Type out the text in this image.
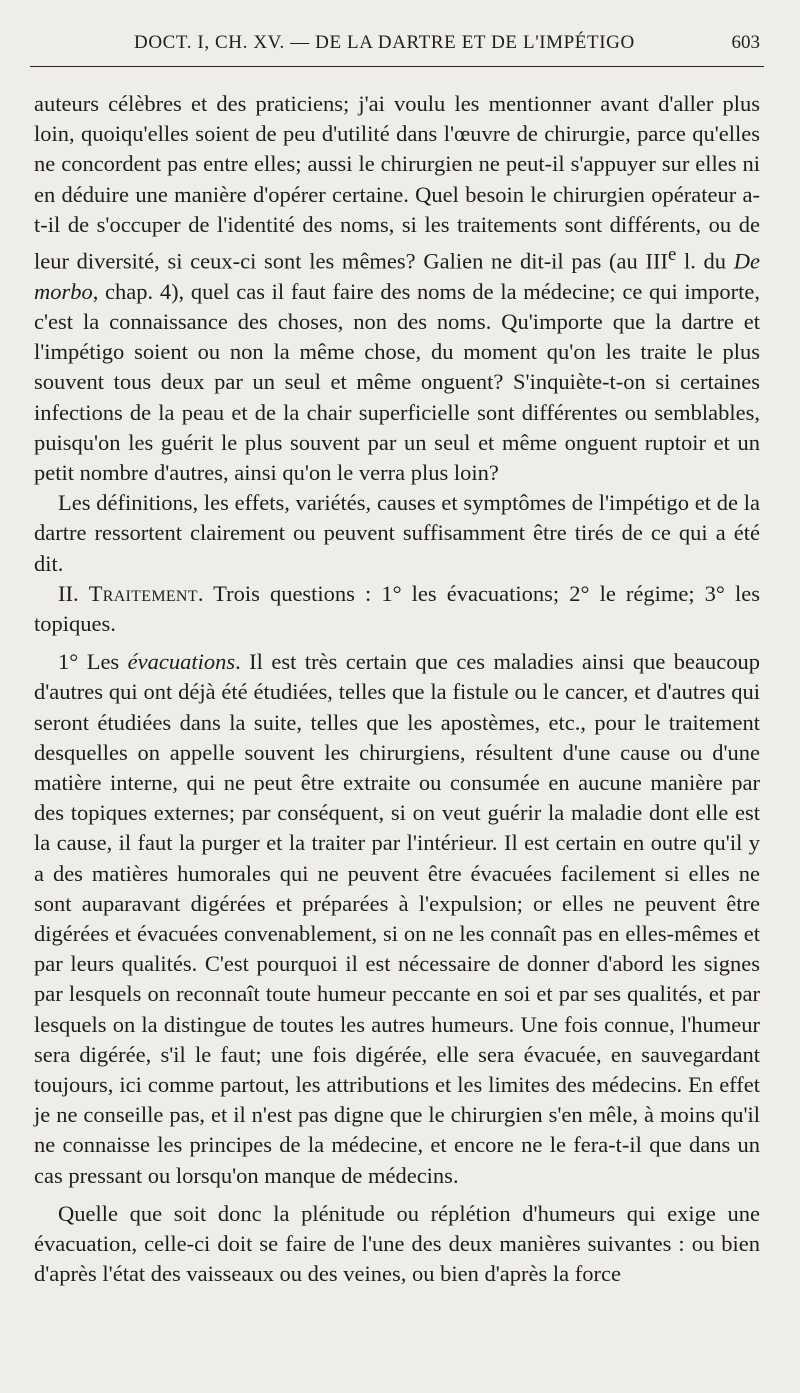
DOCT. I, CH. XV. — DE LA DARTRE ET DE L'IMPÉTIGO	603

auteurs célèbres et des praticiens; j'ai voulu les mentionner avant d'aller plus loin, quoiqu'elles soient de peu d'utilité dans l'œuvre de chirurgie, parce qu'elles ne concordent pas entre elles; aussi le chirurgien ne peut-il s'appuyer sur elles ni en déduire une manière d'opérer certaine. Quel besoin le chirurgien opérateur a-t-il de s'occuper de l'identité des noms, si les traitements sont différents, ou de leur diversité, si ceux-ci sont les mêmes? Galien ne dit-il pas (au IIIe l. du De morbo, chap. 4), quel cas il faut faire des noms de la médecine; ce qui importe, c'est la connaissance des choses, non des noms. Qu'importe que la dartre et l'impétigo soient ou non la même chose, du moment qu'on les traite le plus souvent tous deux par un seul et même onguent? S'inquiète-t-on si certaines infections de la peau et de la chair superficielle sont différentes ou semblables, puisqu'on les guérit le plus souvent par un seul et même onguent ruptoir et un petit nombre d'autres, ainsi qu'on le verra plus loin?

Les définitions, les effets, variétés, causes et symptômes de l'impétigo et de la dartre ressortent clairement ou peuvent suffisamment être tirés de ce qui a été dit.

II. Traitement. Trois questions : 1° les évacuations; 2° le régime; 3° les topiques.

1° Les évacuations. Il est très certain que ces maladies ainsi que beaucoup d'autres qui ont déjà été étudiées, telles que la fistule ou le cancer, et d'autres qui seront étudiées dans la suite, telles que les apostèmes, etc., pour le traitement desquelles on appelle souvent les chirurgiens, résultent d'une cause ou d'une matière interne, qui ne peut être extraite ou consumée en aucune manière par des topiques externes; par conséquent, si on veut guérir la maladie dont elle est la cause, il faut la purger et la traiter par l'intérieur. Il est certain en outre qu'il y a des matières humorales qui ne peuvent être évacuées facilement si elles ne sont auparavant digérées et préparées à l'expulsion; or elles ne peuvent être digérées et évacuées convenablement, si on ne les connaît pas en elles-mêmes et par leurs qualités. C'est pourquoi il est nécessaire de donner d'abord les signes par lesquels on reconnaît toute humeur peccante en soi et par ses qualités, et par lesquels on la distingue de toutes les autres humeurs. Une fois connue, l'humeur sera digérée, s'il le faut; une fois digérée, elle sera évacuée, en sauvegardant toujours, ici comme partout, les attributions et les limites des médecins. En effet je ne conseille pas, et il n'est pas digne que le chirurgien s'en mêle, à moins qu'il ne connaisse les principes de la médecine, et encore ne le fera-t-il que dans un cas pressant ou lorsqu'on manque de médecins.

Quelle que soit donc la plénitude ou réplétion d'humeurs qui exige une évacuation, celle-ci doit se faire de l'une des deux manières suivantes : ou bien d'après l'état des vaisseaux ou des veines, ou bien d'après la force
